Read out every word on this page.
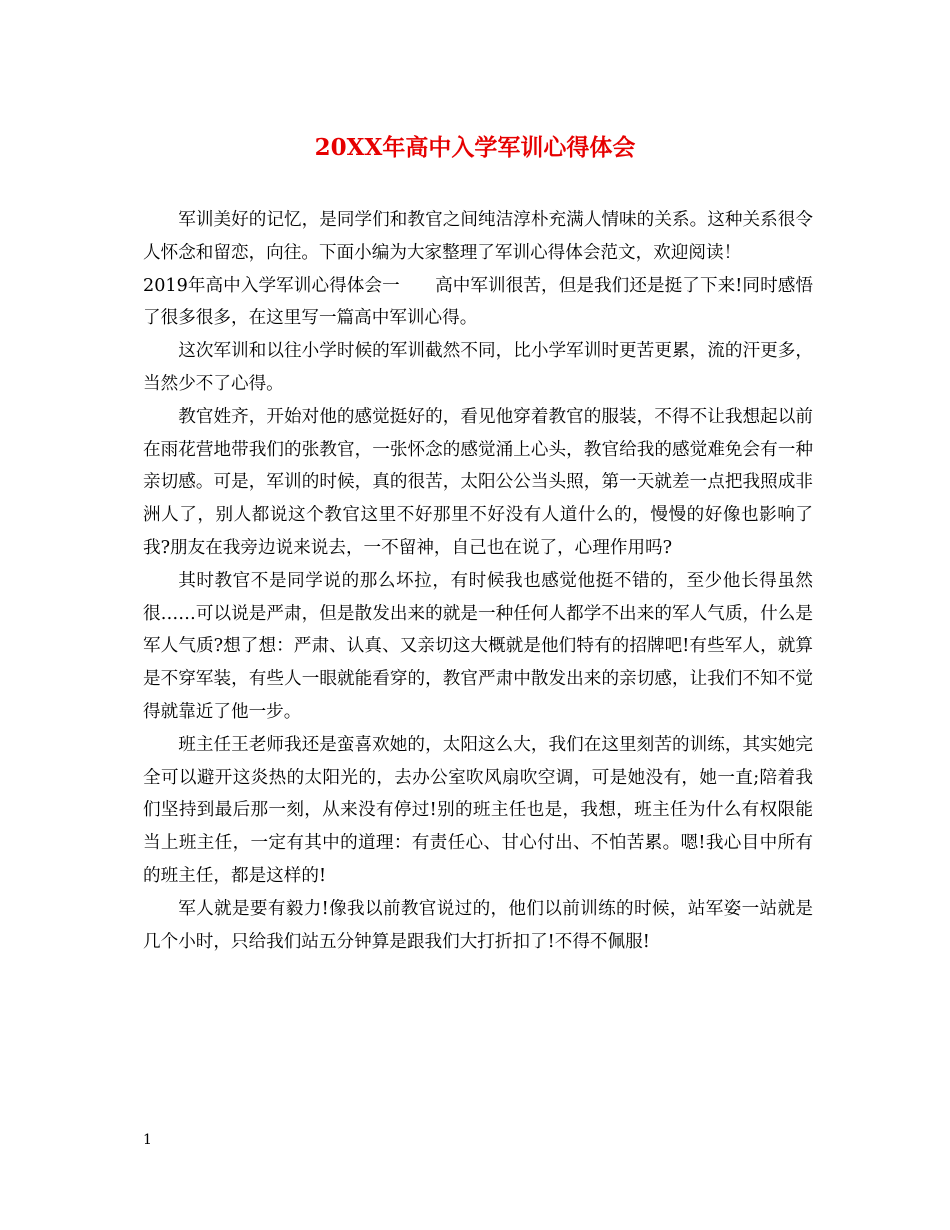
20XX年高中入学军训心得体会

军训美好的记忆，是同学们和教官之间纯洁淳朴充满人情味的关系。这种关系很令人怀念和留恋，向往。下面小编为大家整理了军训心得体会范文，欢迎阅读！

2019年高中入学军训心得体会一　　高中军训很苦，但是我们还是挺了下来!同时感悟了很多很多，在这里写一篇高中军训心得。

这次军训和以往小学时候的军训截然不同，比小学军训时更苦更累，流的汗更多，当然少不了心得。

教官姓齐，开始对他的感觉挺好的，看见他穿着教官的服装，不得不让我想起以前在雨花营地带我们的张教官，一张怀念的感觉涌上心头，教官给我的感觉难免会有一种亲切感。可是，军训的时候，真的很苦，太阳公公当头照，第一天就差一点把我照成非洲人了，别人都说这个教官这里不好那里不好没有人道什么的，慢慢的好像也影响了我?朋友在我旁边说来说去，一不留神，自己也在说了，心理作用吗?

其时教官不是同学说的那么坏拉，有时候我也感觉他挺不错的，至少他长得虽然很……可以说是严肃，但是散发出来的就是一种任何人都学不出来的军人气质，什么是军人气质?想了想：严肃、认真、又亲切这大概就是他们特有的招牌吧!有些军人，就算是不穿军装，有些人一眼就能看穿的，教官严肃中散发出来的亲切感，让我们不知不觉得就靠近了他一步。

班主任王老师我还是蛮喜欢她的，太阳这么大，我们在这里刻苦的训练，其实她完全可以避开这炎热的太阳光的，去办公室吹风扇吹空调，可是她没有，她一直;陪着我们坚持到最后那一刻，从来没有停过!别的班主任也是，我想，班主任为什么有权限能当上班主任，一定有其中的道理：有责任心、甘心付出、不怕苦累。嗯!我心目中所有的班主任，都是这样的!

军人就是要有毅力!像我以前教官说过的，他们以前训练的时候，站军姿一站就是几个小时，只给我们站五分钟算是跟我们大打折扣了!不得不佩服!

1
